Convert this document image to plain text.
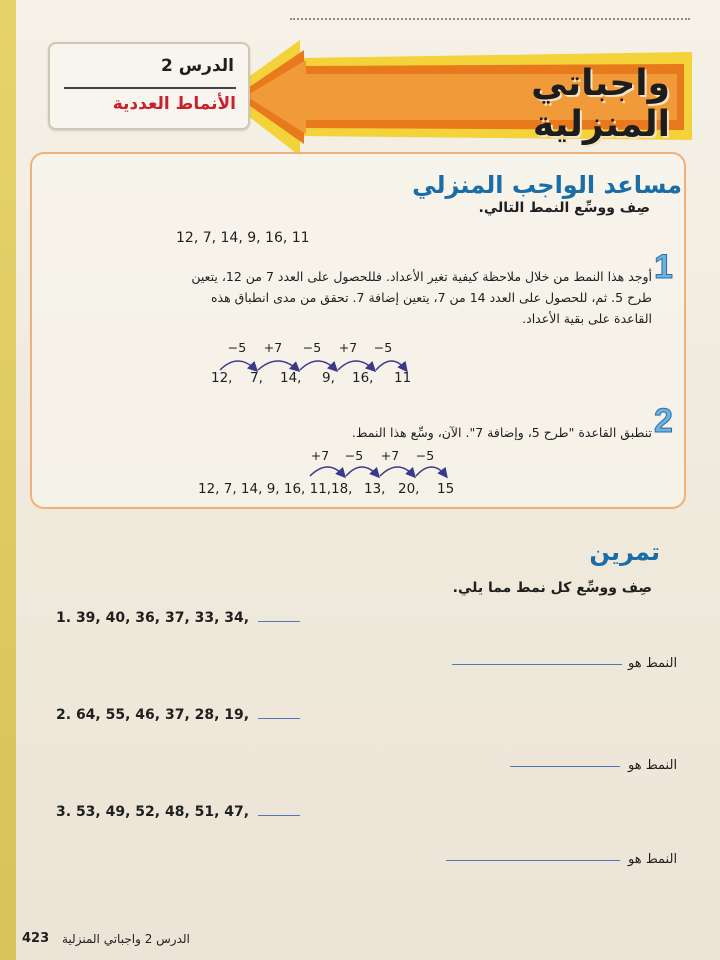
واجباتي المنزلية
الدرس 2
الأنماط العددية
مساعد الواجب المنزلي
صِف ووسِّع النمط التالي.
12, 7, 14, 9, 16, 11
1
أوجد هذا النمط من خلال ملاحظة كيفية تغير الأعداد. فللحصول على العدد 7 من 12، يتعين طرح 5. ثم، للحصول على العدد 14 من 7، يتعين إضافة 7. تحقق من مدى انطباق هذه القاعدة على بقية الأعداد.
−5	+7	−5	+7	−5
12, 7, 14, 9, 16, 11
2
تنطبق القاعدة "طرح 5، وإضافة 7". الآن، وسِّع هذا النمط.
+7	−5	+7	−5
12, 7, 14, 9, 16, 11, 18, 13, 20, 15
تمرين
صِف ووسِّع كل نمط مما يلي.
1. 39, 40, 36, 37, 33, 34,
النمط هو
2. 64, 55, 46, 37, 28, 19,
النمط هو
3. 53, 49, 52, 48, 51, 47,
النمط هو
423 الدرس 2 واجباتي المنزلية
